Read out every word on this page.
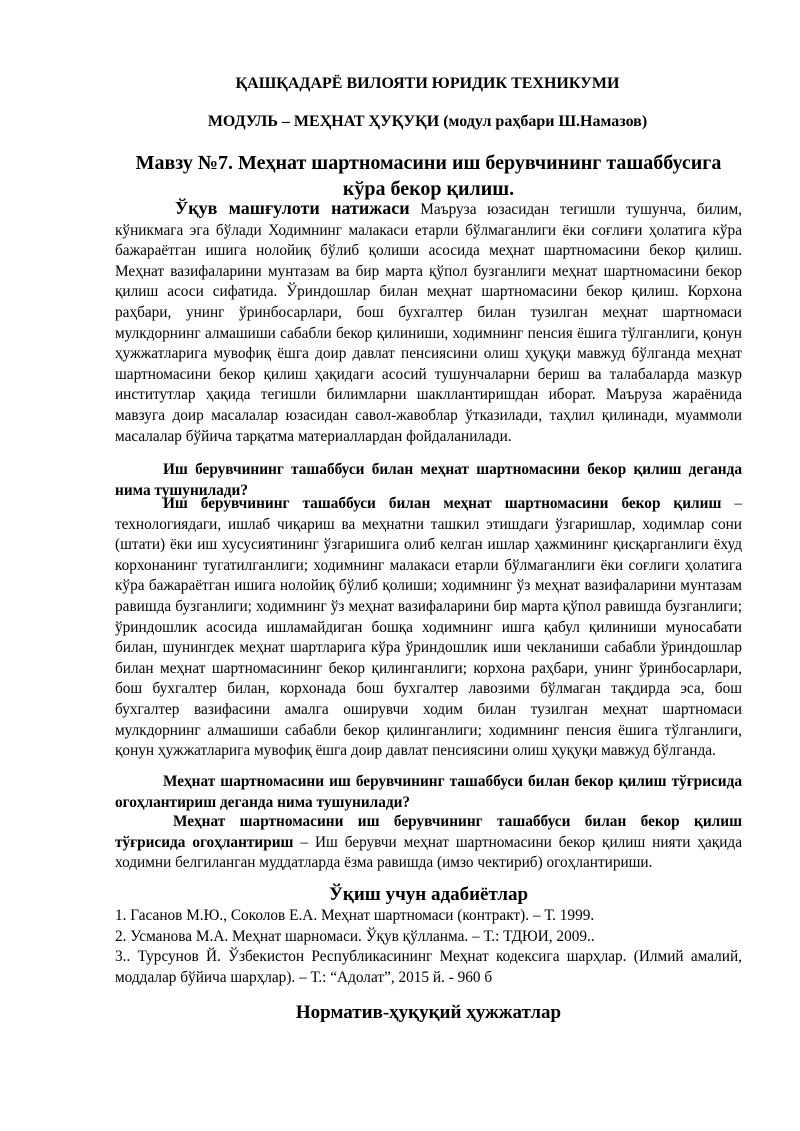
ҚАШҚАДАРЁ ВИЛОЯТИ ЮРИДИК ТЕХНИКУМИ
МОДУЛЬ – МЕҲНАТ ҲУҚУҚИ (модул раҳбари Ш.Намазов)
Мавзу №7. Меҳнат шартномасини иш берувчининг ташаббусига кўра бекор қилиш.

Ўқув машғулоти натижаси Маъруза юзасидан тегишли тушунча, билим, кўникмага эга бўлади Ходимнинг малакаси етарли бўлмаганлиги ёки соғлиғи ҳолатига кўра бажараётган ишига нолойиқ бўлиб қолиши асосида меҳнат шартномасини бекор қилиш. Меҳнат вазифаларини мунтазам ва бир марта қўпол бузганлиги меҳнат шартномасини бекор қилиш асоси сифатида. Ўриндошлар билан меҳнат шартномасини бекор қилиш. Корхона раҳбари, унинг ўринбосарлари, бош бухгалтер билан тузилган меҳнат шартномаси мулкдорнинг алмашиши сабабли бекор қилиниши, ходимнинг пенсия ёшига тўлганлиги, қонун ҳужжатларига мувофиқ ёшга доир давлат пенсиясини олиш ҳуқуқи мавжуд бўлганда меҳнат шартномасини бекор қилиш ҳақидаги асосий тушунчаларни бериш ва талабаларда мазкур институтлар ҳақида тегишли билимларни шакллантиришдан иборат. Маъруза жараёнида мавзуга доир масалалар юзасидан савол-жавоблар ўтказилади, таҳлил қилинади, муаммоли масалалар бўйича тарқатма материаллардан фойдаланилади.

Иш берувчининг ташаббуси билан меҳнат шартномасини бекор қилиш деганда нима тушунилади?

Иш берувчининг ташаббуси билан меҳнат шартномасини бекор қилиш – технологиядаги, ишлаб чиқариш ва меҳнатни ташкил этишдаги ўзгаришлар, ходимлар сони (штати) ёки иш хусусиятининг ўзгаришига олиб келган ишлар ҳажмининг қисқарганлиги ёхуд корхонанинг тугатилганлиги; ходимнинг малакаси етарли бўлмаганлиги ёки соғлиги ҳолатига кўра бажараётган ишига нолойиқ бўлиб қолиши; ходимнинг ўз меҳнат вазифаларини мунтазам равишда бузганлиги; ходимнинг ўз меҳнат вазифаларини бир марта қўпол равишда бузганлиги; ўриндошлик асосида ишламайдиган бошқа ходимнинг ишга қабул қилиниши муносабати билан, шунингдек меҳнат шартларига кўра ўриндошлик иши чекланиши сабабли ўриндошлар билан меҳнат шартномасининг бекор қилинганлиги; корхона раҳбари, унинг ўринбосарлари, бош бухгалтер билан, корхонада бош бухгалтер лавозими бўлмаган тақдирда эса, бош бухгалтер вазифасини амалга оширувчи ходим билан тузилган меҳнат шартномаси мулкдорнинг алмашиши сабабли бекор қилинганлиги; ходимнинг пенсия ёшига тўлганлиги, қонун ҳужжатларига мувофиқ ёшга доир давлат пенсиясини олиш ҳуқуқи мавжуд бўлганда.

Меҳнат шартномасини иш берувчининг ташаббуси билан бекор қилиш тўғрисида огоҳлантириш деганда нима тушунилади?

Меҳнат шартномасини иш берувчининг ташаббуси билан бекор қилиш тўғрисида огоҳлантириш – Иш берувчи меҳнат шартномасини бекор қилиш нияти ҳақида ходимни белгиланган муддатларда ёзма равишда (имзо чектириб) огоҳлантириши.

Ўқиш учун адабиётлар
1. Гасанов М.Ю., Соколов Е.А. Меҳнат шартномаси (контракт). – Т. 1999.
2. Усманова М.А. Меҳнат шарномаси. Ўқув қўлланма. – Т.: ТДЮИ, 2009..
3.. Турсунов Й. Ўзбекистон Республикасининг Меҳнат кодексига шарҳлар. (Илмий амалий, моддалар бўйича шарҳлар). – Т.: “Адолат”, 2015 й. - 960 б
Норматив-ҳуқуқий ҳужжатлар
